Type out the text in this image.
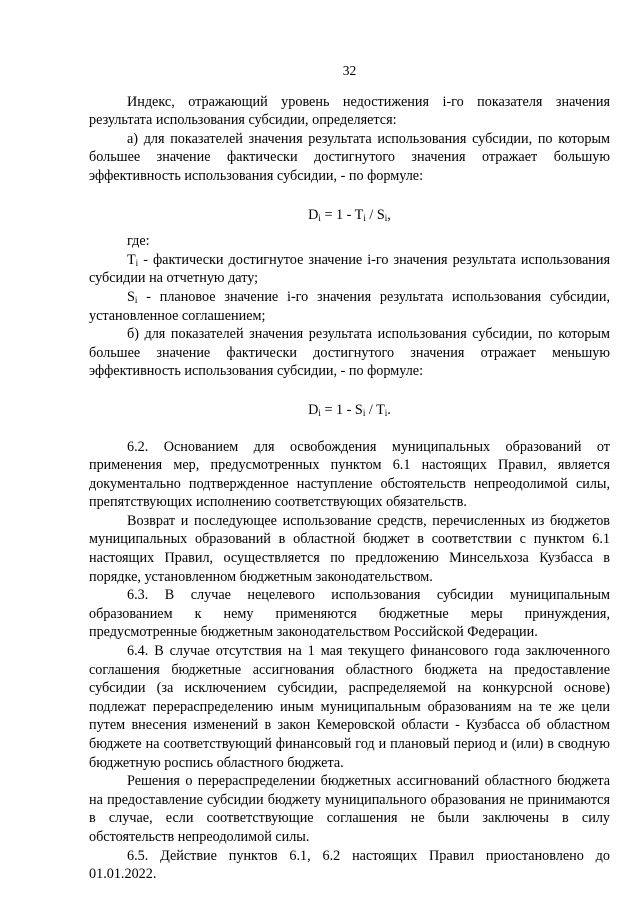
32

Индекс, отражающий уровень недостижения i-го показателя значения результата использования субсидии, определяется:

а) для показателей значения результата использования субсидии, по которым большее значение фактически достигнутого значения отражает большую эффективность использования субсидии, - по формуле:

$D_i = 1 - T_i / S_i$,

где:

$T_i$ - фактически достигнутое значение i-го значения результата использования субсидии на отчетную дату;

$S_i$ - плановое значение i-го значения результата использования субсидии, установленное соглашением;

б) для показателей значения результата использования субсидии, по которым большее значение фактически достигнутого значения отражает меньшую эффективность использования субсидии, - по формуле:

$D_i = 1 - S_i / T_i$.

6.2. Основанием для освобождения муниципальных образований от применения мер, предусмотренных пунктом 6.1 настоящих Правил, является документально подтвержденное наступление обстоятельств непреодолимой силы, препятствующих исполнению соответствующих обязательств.

Возврат и последующее использование средств, перечисленных из бюджетов муниципальных образований в областной бюджет в соответствии с пунктом 6.1 настоящих Правил, осуществляется по предложению Минсельхоза Кузбасса в порядке, установленном бюджетным законодательством.

6.3. В случае нецелевого использования субсидии муниципальным образованием к нему применяются бюджетные меры принуждения, предусмотренные бюджетным законодательством Российской Федерации.

6.4. В случае отсутствия на 1 мая текущего финансового года заключенного соглашения бюджетные ассигнования областного бюджета на предоставление субсидии (за исключением субсидии, распределяемой на конкурсной основе) подлежат перераспределению иным муниципальным образованиям на те же цели путем внесения изменений в закон Кемеровской области - Кузбасса об областном бюджете на соответствующий финансовый год и плановый период и (или) в сводную бюджетную роспись областного бюджета.

Решения о перераспределении бюджетных ассигнований областного бюджета на предоставление субсидии бюджету муниципального образования не принимаются в случае, если соответствующие соглашения не были заключены в силу обстоятельств непреодолимой силы.

6.5. Действие пунктов 6.1, 6.2 настоящих Правил приостановлено до 01.01.2022.
